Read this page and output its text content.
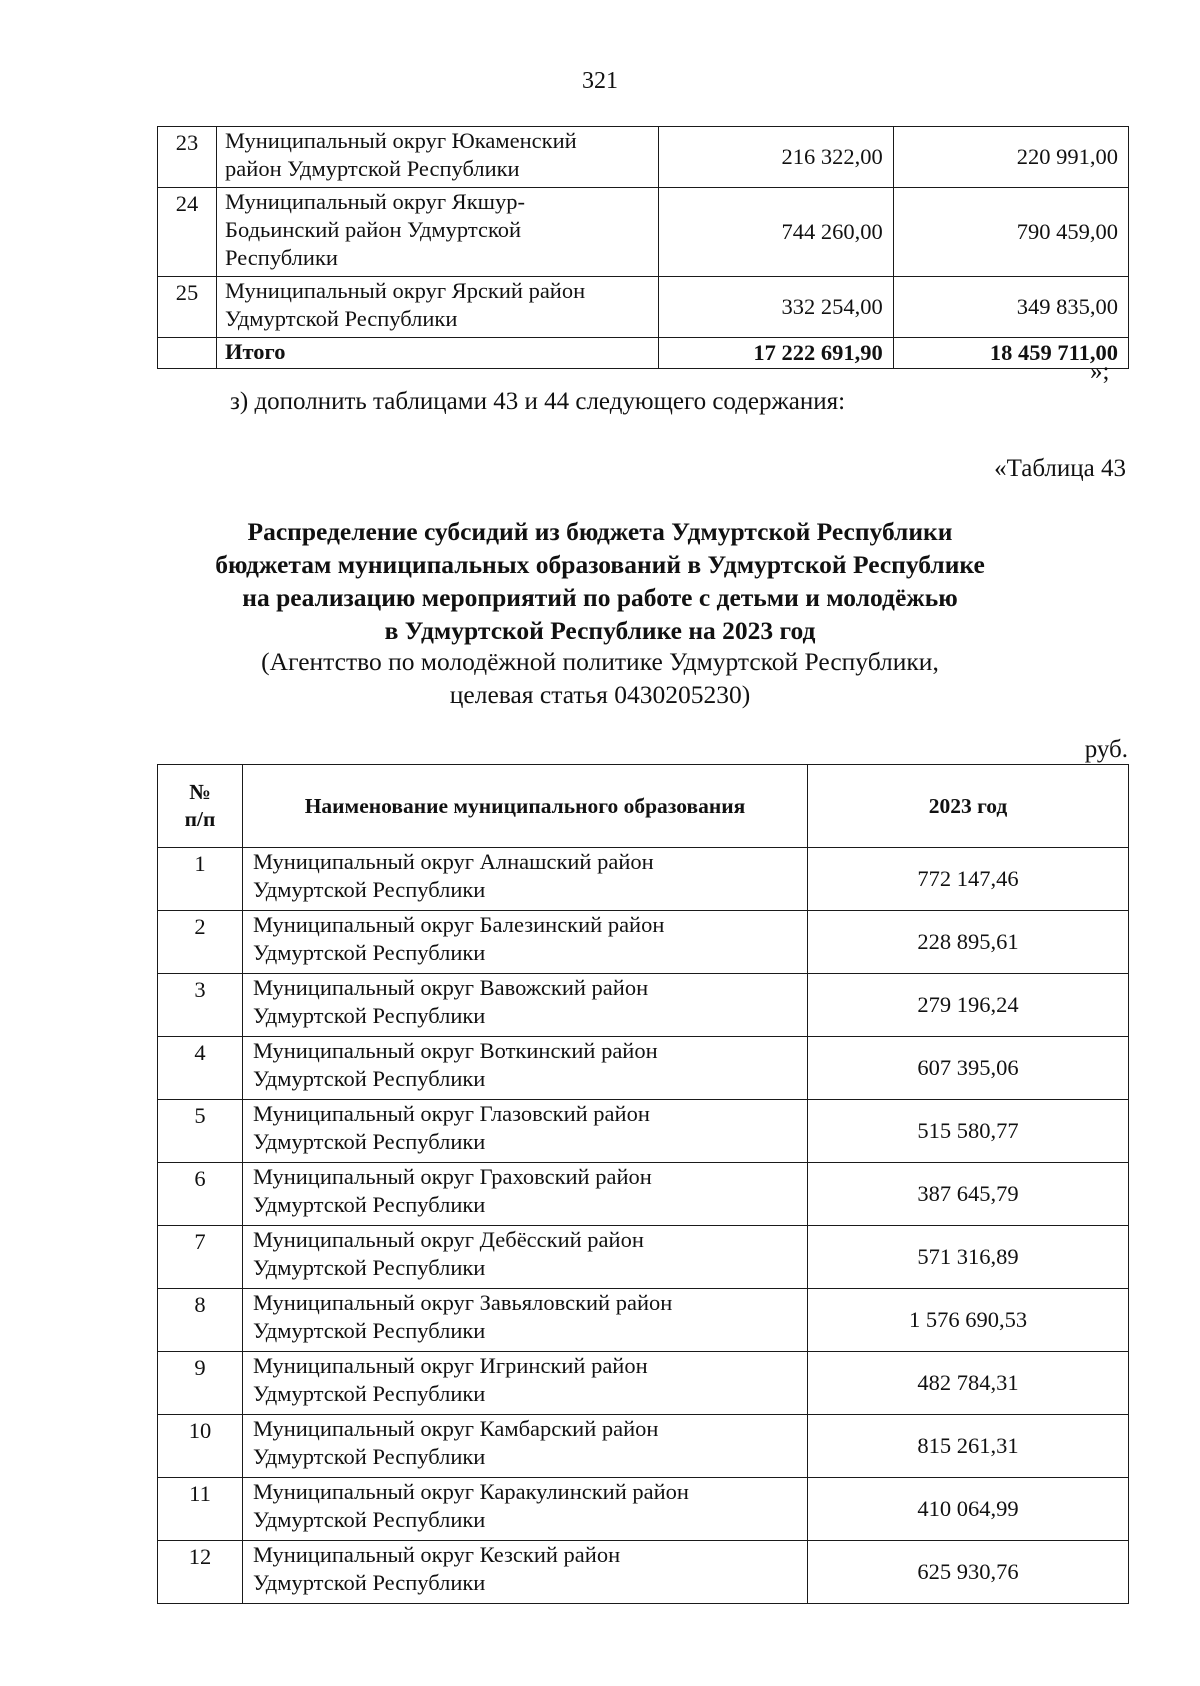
321
23	Муниципальный округ Юкаменский
район Удмуртской Республики	216 322,00	220 991,00
24	Муниципальный округ Якшур-
Бодьинский район Удмуртской
Республики	744 260,00	790 459,00
25	Муниципальный округ Ярский район
Удмуртской Республики	332 254,00	349 835,00
	Итого	17 222 691,90	18 459 711,00
»;
з) дополнить таблицами 43 и 44 следующего содержания:
«Таблица 43
Распределение субсидий из бюджета Удмуртской Республики
бюджетам муниципальных образований в Удмуртской Республике
на реализацию мероприятий по работе с детьми и молодёжью
в Удмуртской Республике на 2023 год
(Агентство по молодёжной политике Удмуртской Республики,
целевая статья 0430205230)
руб.
№
п/п	Наименование муниципального образования	2023 год
1	Муниципальный округ Алнашский район
Удмуртской Республики	772 147,46
2	Муниципальный округ Балезинский район
Удмуртской Республики	228 895,61
3	Муниципальный округ Вавожский район
Удмуртской Республики	279 196,24
4	Муниципальный округ Воткинский район
Удмуртской Республики	607 395,06
5	Муниципальный округ Глазовский район
Удмуртской Республики	515 580,77
6	Муниципальный округ Граховский район
Удмуртской Республики	387 645,79
7	Муниципальный округ Дебёсский район
Удмуртской Республики	571 316,89
8	Муниципальный округ Завьяловский район
Удмуртской Республики	1 576 690,53
9	Муниципальный округ Игринский район
Удмуртской Республики	482 784,31
10	Муниципальный округ Камбарский район
Удмуртской Республики	815 261,31
11	Муниципальный округ Каракулинский район
Удмуртской Республики	410 064,99
12	Муниципальный округ Кезский район
Удмуртской Республики	625 930,76
